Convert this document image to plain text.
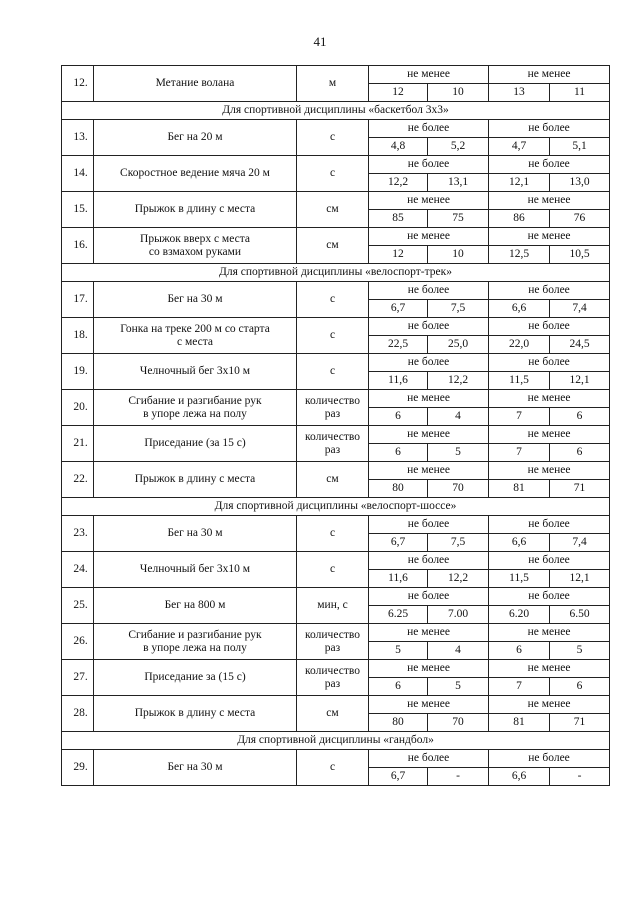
41
12.	Метание волана	м	не менее		не менее	
			12	10	13	11
Для спортивной дисциплины «баскетбол 3х3»						
13.	Бег на 20 м	с	не более		не более	
			4,8	5,2	4,7	5,1
14.	Скоростное ведение мяча 20 м	с	не более		не более	
			12,2	13,1	12,1	13,0
15.	Прыжок в длину с места	см	не менее		не менее	
			85	75	86	76
16.	Прыжок вверх с места
со взмахом руками	см	не менее		не менее	
			12	10	12,5	10,5
Для спортивной дисциплины «велоспорт-трек»						
17.	Бег на 30 м	с	не более		не более	
			6,7	7,5	6,6	7,4
18.	Гонка на треке 200 м со старта
с места	с	не более		не более	
			22,5	25,0	22,0	24,5
19.	Челночный бег 3х10 м	с	не более		не более	
			11,6	12,2	11,5	12,1
20.	Сгибание и разгибание рук
в упоре лежа на полу	количество
раз	не менее		не менее	
			6	4	7	6
21.	Приседание (за 15 с)	количество
раз	не менее		не менее	
			6	5	7	6
22.	Прыжок в длину с места	см	не менее		не менее	
			80	70	81	71
Для спортивной дисциплины «велоспорт-шоссе»						
23.	Бег на 30 м	с	не более		не более	
			6,7	7,5	6,6	7,4
24.	Челночный бег 3х10 м	с	не более		не более	
			11,6	12,2	11,5	12,1
25.	Бег на 800 м	мин, с	не более		не более	
			6.25	7.00	6.20	6.50
26.	Сгибание и разгибание рук
в упоре лежа на полу	количество
раз	не менее		не менее	
			5	4	6	5
27.	Приседание за (15 с)	количество
раз	не менее		не менее	
			6	5	7	6
28.	Прыжок в длину с места	см	не менее		не менее	
			80	70	81	71
Для спортивной дисциплины «гандбол»						
29.	Бег на 30 м	с	не более		не более	
			6,7	-	6,6	-
